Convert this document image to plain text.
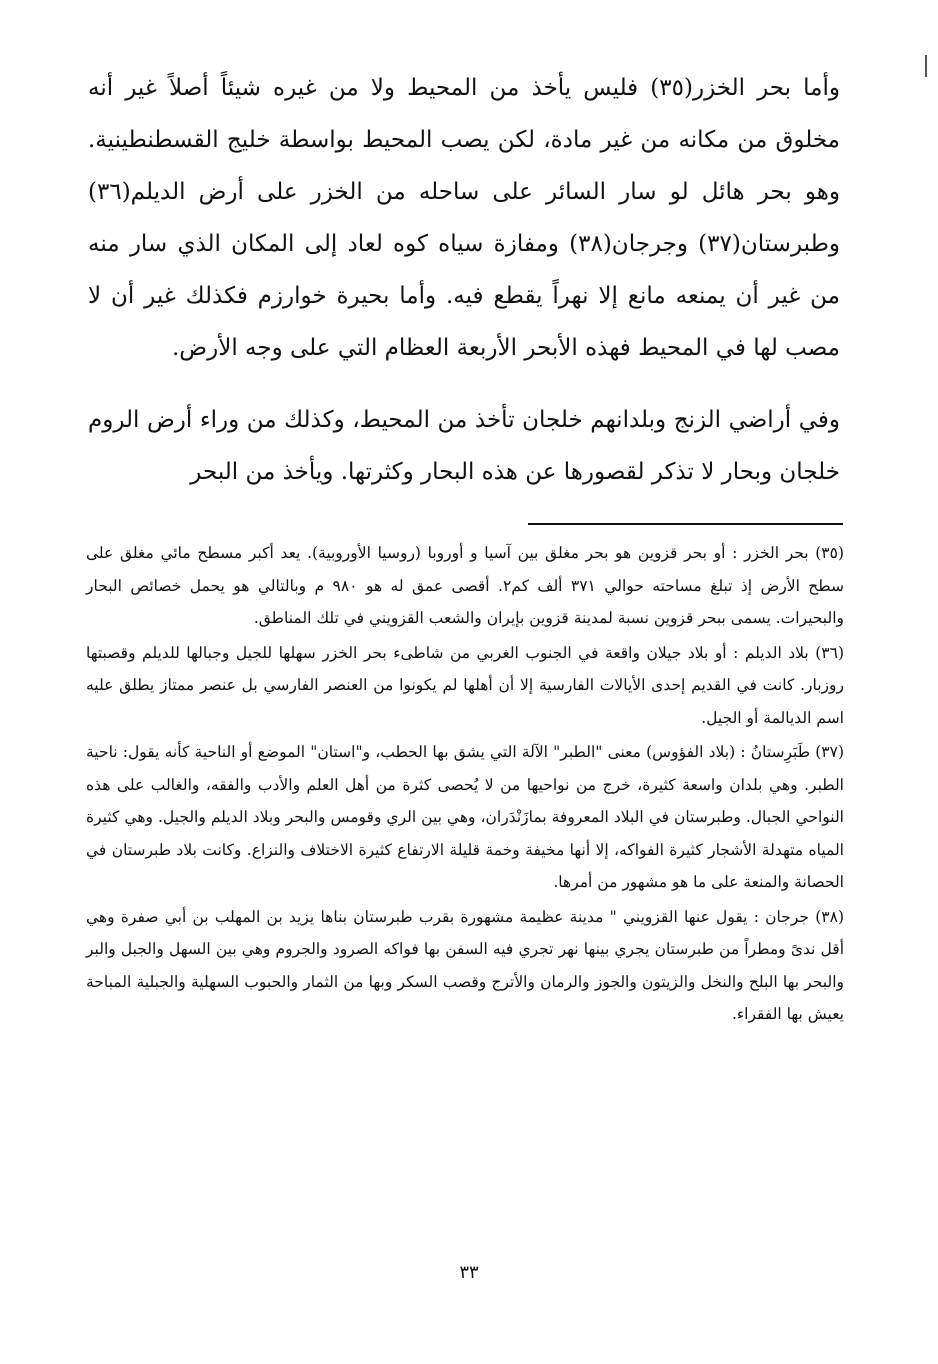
وأما بحر الخزر(٣٥) فليس يأخذ من المحيط ولا من غيره شيئاً أصلاً غير أنه مخلوق من مكانه من غير مادة، لكن يصب المحيط بواسطة خليج القسطنطينية. وهو بحر هائل لو سار السائر على ساحله من الخزر على أرض الديلم(٣٦) وطبرستان(٣٧) وجرجان(٣٨) ومفازة سياه كوه لعاد إلى المكان الذي سار منه من غير أن يمنعه مانع إلا نهراً يقطع فيه. وأما بحيرة خوارزم فكذلك غير أن لا مصب لها في المحيط فهذه الأبحر الأربعة العظام التي على وجه الأرض.

وفي أراضي الزنج وبلدانهم خلجان تأخذ من المحيط، وكذلك من وراء أرض الروم خلجان وبحار لا تذكر لقصورها عن هذه البحار وكثرتها. ويأخذ من البحر

(٣٥) بحر الخزر : أو بحر قزوين هو بحر مغلق بين آسيا و أوروبا (روسيا الأوروبية). يعد أكبر مسطح مائي مغلق على سطح الأرض إذ تبلغ مساحته حوالي ٣٧١ ألف كم٢. أقصى عمق له هو ٩٨٠ م وبالتالي هو يحمل خصائص البحار والبحيرات. يسمى ببحر قزوين نسبة لمدينة قزوين بإيران والشعب القزويني في تلك المناطق.

(٣٦) بلاد الديلم : أو بلاد جيلان واقعة في الجنوب الغربي من شاطىء بحر الخزر سهلها للجيل وجبالها للديلم وقصبتها روزبار. كانت في القديم إحدى الأيالات الفارسية إلا أن أهلها لم يكونوا من العنصر الفارسي بل عنصر ممتاز يطلق عليه اسم الديالمة أو الجيل.

(٣٧) طَبَرِستانُ : (بلاد الفؤوس) معنى "الطبر" الآلة التي يشق بها الحطب، و"استان" الموضع أو الناحية كأنه يقول: ناحية الطبر. وهي بلدان واسعة كثيرة، خرج من نواحيها من لا يُحصى كثرة من أهل العلم والأدب والفقه، والغالب على هذه النواحي الجبال. وطبرستان في البلاد المعروفة بمازَنْدَران، وهي بين الري وقومس والبحر وبلاد الديلم والجيل. وهي كثيرة المياه متهدلة الأشجار كثيرة الفواكه، إلا أنها مخيفة وخمة قليلة الارتفاع كثيرة الاختلاف والنزاع. وكانت بلاد طبرستان في الحصانة والمنعة على ما هو مشهور من أمرها.

(٣٨) جرجان : يقول عنها القزويني " مدينة عظيمة مشهورة بقرب طبرستان بناها يزيد بن المهلب بن أبي صفرة وهي أقل ندىً ومطراً من طبرستان يجري بينها نهر تجري فيه السفن بها فواكه الصرود والجروم وهي بين السهل والجبل والبر والبحر بها البلح والنخل والزيتون والجوز والرمان والأترج وقصب السكر وبها من الثمار والحبوب السهلية والجبلية المباحة يعيش بها الفقراء.

٣٣
